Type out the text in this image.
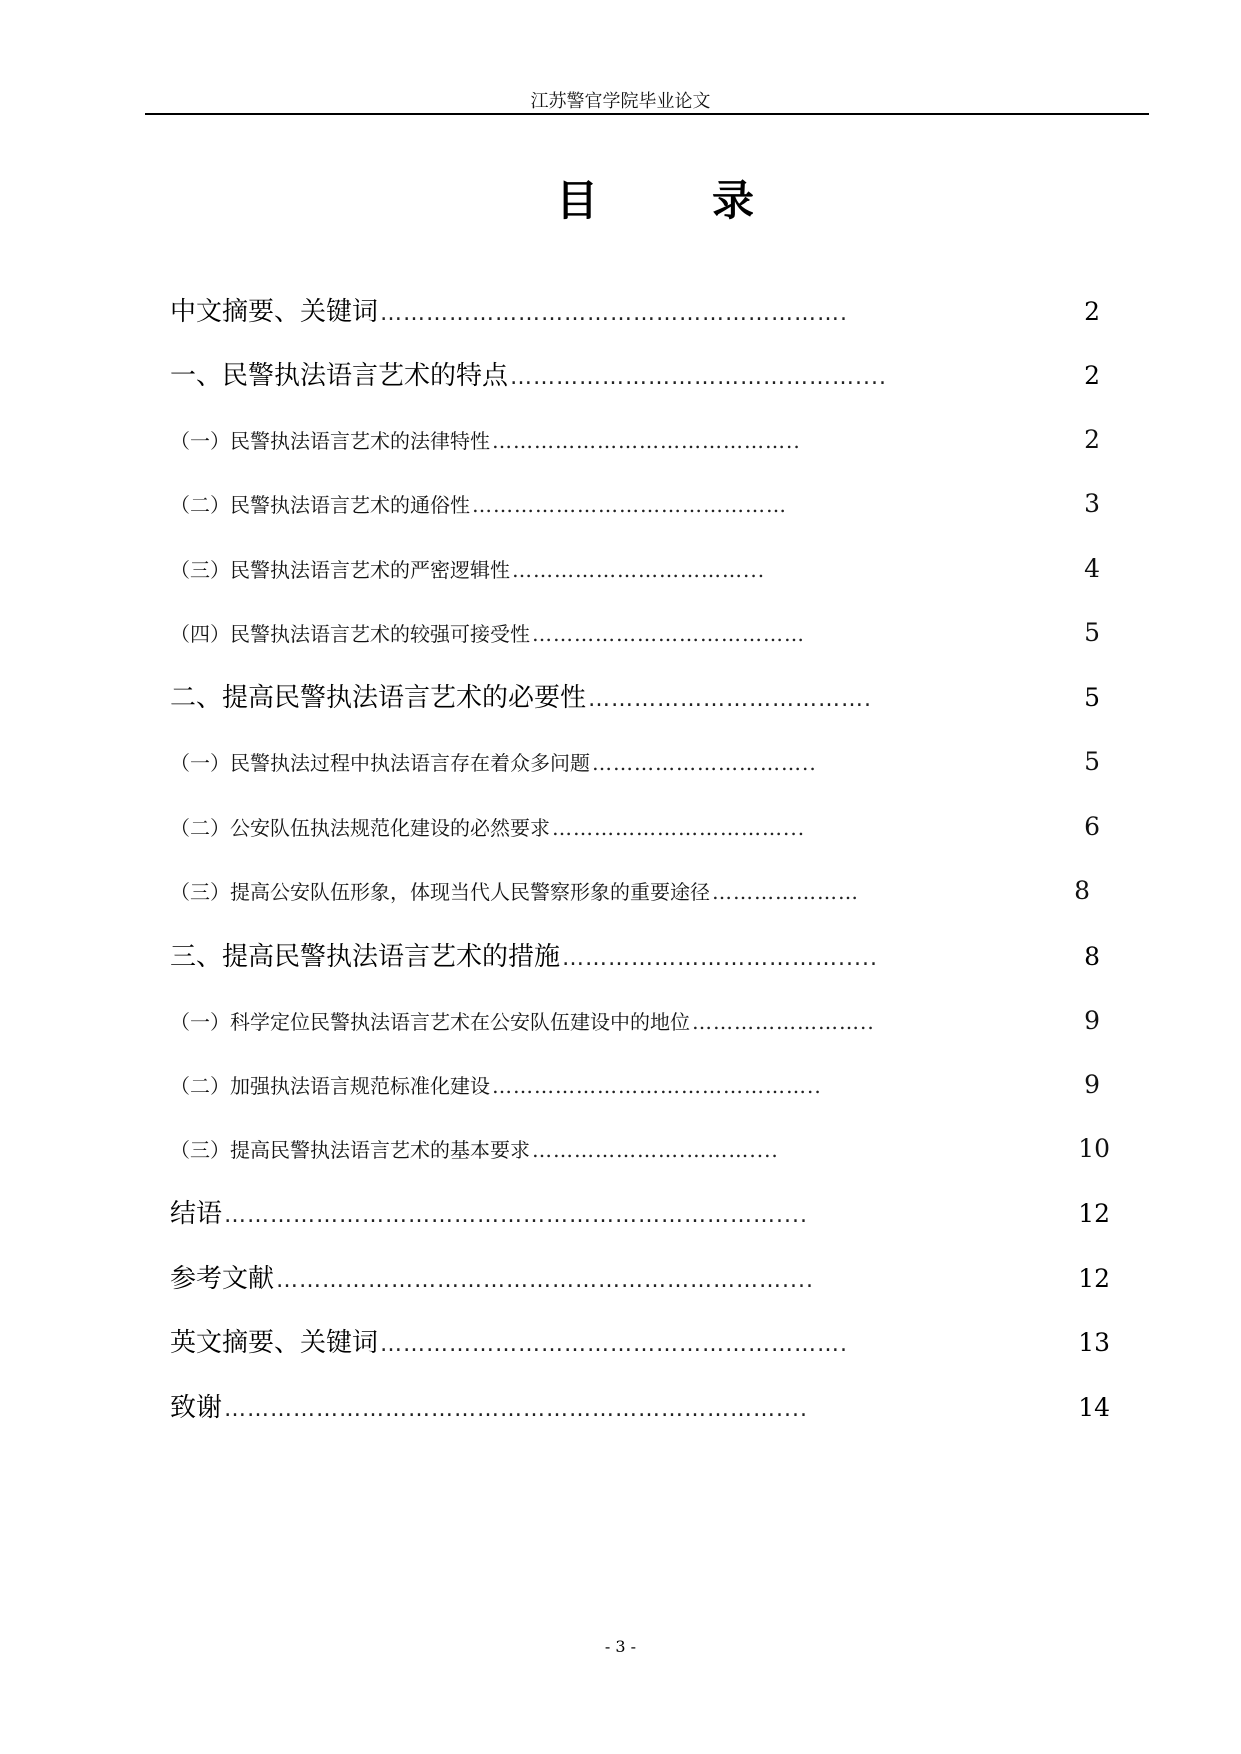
江苏警官学院毕业论文
目	录
中文摘要、关键词 …………………………………………………….	2
一、民警执法语言艺术的特点 ………………………………………....	2
（一）民警执法语言艺术的法律特性 ……………………………………..	2
（二）民警执法语言艺术的通俗性 ………………………………………	3
（三）民警执法语言艺术的严密逻辑性 ……………………………...	4
（四）民警执法语言艺术的较强可接受性 …………………………………	5
二、提高民警执法语言艺术的必要性 ……………………………….	5
（一）民警执法过程中执法语言存在着众多问题 …………………………..	5
（二）公安队伍执法规范化建设的必然要求 ……………………………...	6
（三）提高公安队伍形象，体现当代人民警察形象的重要途径 …………………	8
三、提高民警执法语言艺术的措施 ……………………………….....	8
（一）科学定位民警执法语言艺术在公安队伍建设中的地位 ……………………..	9
（二）加强执法语言规范标准化建设 ………………………………………..	9
（三）提高民警执法语言艺术的基本要求 ………………….………....	10
结语 ………………………………………………………………....	12
参考文献 …………………………………………………………....	12
英文摘要、关键词 …………………………………………………….	13
致谢 ………………………………………………………………....	14
- 3 -
